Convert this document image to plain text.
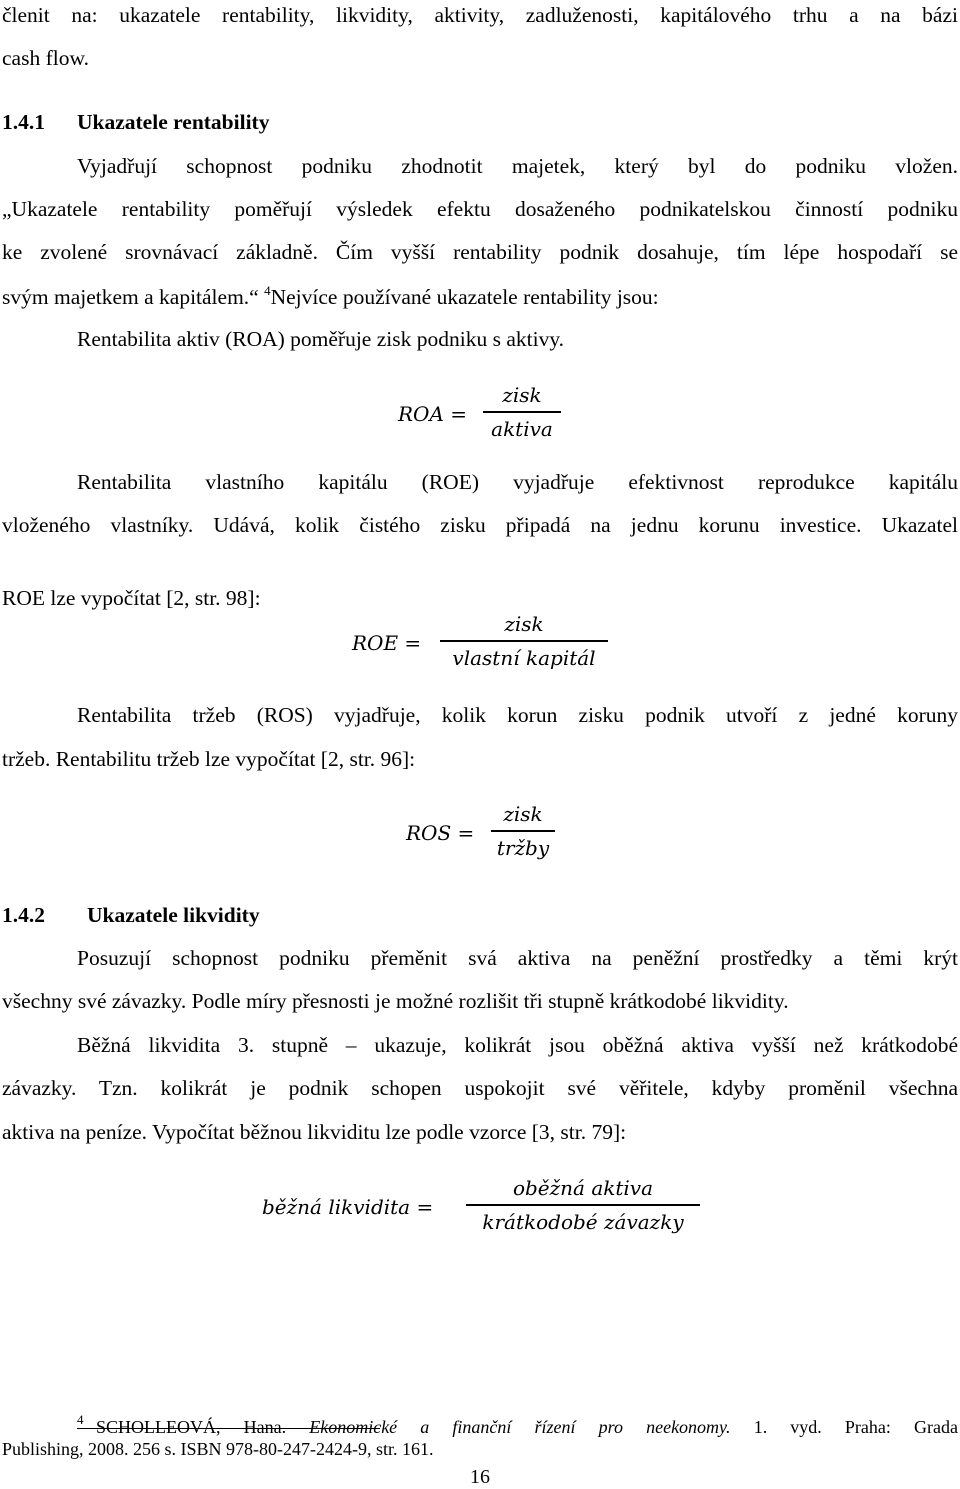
členit na: ukazatele rentability, likvidity, aktivity, zadluženosti, kapitálového trhu a na bázi
cash flow.
1.4.1 Ukazatele rentability
Vyjadřují schopnost podniku zhodnotit majetek, který byl do podniku vložen.
„Ukazatele rentability poměřují výsledek efektu dosaženého podnikatelskou činností podniku
ke zvolené srovnávací základně. Čím vyšší rentability podnik dosahuje, tím lépe hospodaří se
svým majetkem a kapitálem.“ $^4$Nejvíce používané ukazatele rentability jsou:
Rentabilita aktiv (ROA) poměřuje zisk podniku s aktivy.
ROA =
zisk
aktiva
Rentabilita vlastního kapitálu (ROE) vyjadřuje efektivnost reprodukce kapitálu
vloženého vlastníky. Udává, kolik čistého zisku připadá na jednu korunu investice. Ukazatel
ROE lze vypočítat [2, str. 98]:
ROE =
zisk
vlastní kapitál
Rentabilita tržeb (ROS) vyjadřuje, kolik korun zisku podnik utvoří z jedné koruny
tržeb. Rentabilitu tržeb lze vypočítat [2, str. 96]:
ROS =
zisk
tržby
1.4.2 Ukazatele likvidity
Posuzují schopnost podniku přeměnit svá aktiva na peněžní prostředky a těmi krýt
všechny své závazky. Podle míry přesnosti je možné rozlišit tři stupně krátkodobé likvidity.
Běžná likvidita 3. stupně – ukazuje, kolikrát jsou oběžná aktiva vyšší než krátkodobé
závazky. Tzn. kolikrát je podnik schopen uspokojit své věřitele, kdyby proměnil všechna
aktiva na peníze. Vypočítat běžnou likviditu lze podle vzorce [3, str. 79]:
běžná likvidita =
oběžná aktiva
krátkodobé závazky
4 SCHOLLEOVÁ, Hana. Ekonomické a finanční řízení pro neekonomy. 1. vyd. Praha: Grada
Publishing, 2008. 256 s. ISBN 978-80-247-2424-9, str. 161.
16
